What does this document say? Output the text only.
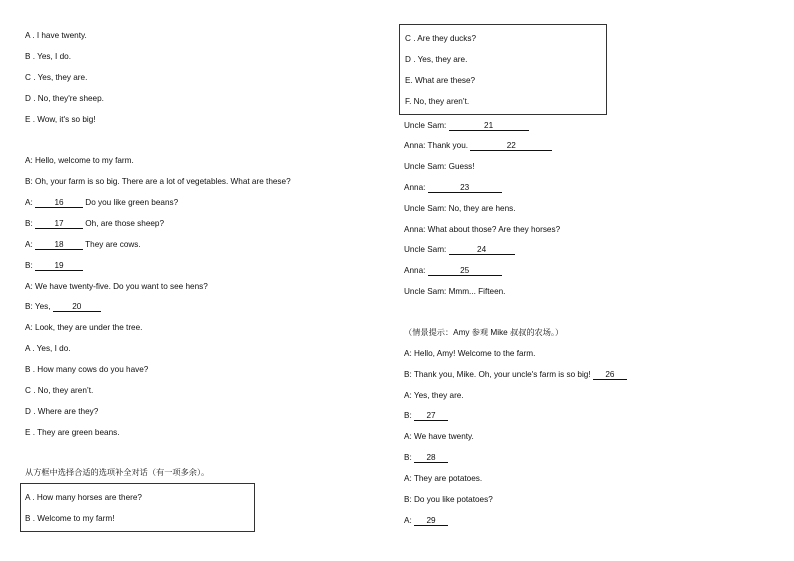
A . I have twenty.
B . Yes, I do.
C . Yes, they are.
D . No, they're sheep.
E . Wow, it's so big!
A: Hello, welcome to my farm.
B: Oh, your farm is so big. There are a lot of vegetables. What are these?
A: 16 Do you like green beans?
B: 17 Oh, are those sheep?
A: 18 They are cows.
B: 19
A: We have twenty-five. Do you want to see hens?
B: Yes, 20
A: Look, they are under the tree.
A . Yes, I do.
B . How many cows do you have?
C . No, they aren’t.
D . Where are they?
E . They are green beans.
从方框中选择合适的选项补全对话（有一项多余）。
A . How many horses are there?
B . Welcome to my farm!
C . Are they ducks?
D . Yes, they are.
E. What are these?
F. No, they aren’t.
Uncle Sam:	21
Anna: Thank you.	22
Uncle Sam: Guess!
Anna:	23
Uncle Sam: No, they are hens.
Anna: What about those? Are they horses?
Uncle Sam:	24
Anna:	25
Uncle Sam: Mmm... Fifteen.
（情景提示：Amy 参观 Mike 叔叔的农场。）
A: Hello, Amy! Welcome to the farm.
B: Thank you, Mike. Oh, your uncle's farm is so big! 26
A: Yes, they are.
B: 27
A: We have twenty.
B: 28
A: They are potatoes.
B: Do you like potatoes?
A: 29
